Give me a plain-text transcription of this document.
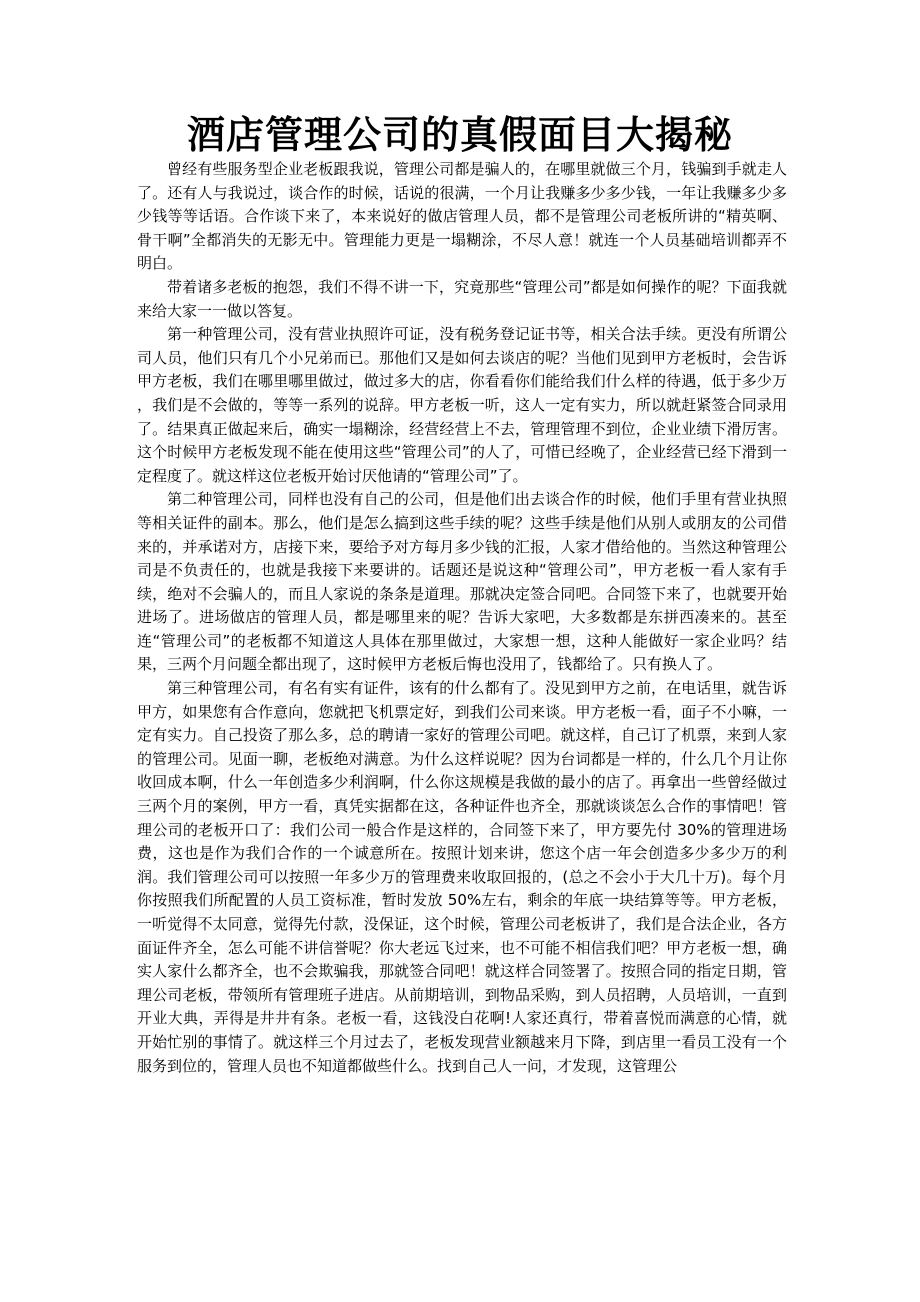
酒店管理公司的真假面目大揭秘

曾经有些服务型企业老板跟我说，管理公司都是骗人的，在哪里就做三个月，钱骗到手就走人了。还有人与我说过，谈合作的时候，话说的很满，一个月让我赚多少多少钱，一年让我赚多少多少钱等等话语。合作谈下来了，本来说好的做店管理人员，都不是管理公司老板所讲的“精英啊、骨干啊”全都消失的无影无中。管理能力更是一塌糊涂，不尽人意！就连一个人员基础培训都弄不明白。

带着诸多老板的抱怨，我们不得不讲一下，究竟那些“管理公司”都是如何操作的呢？下面我就来给大家一一做以答复。

第一种管理公司，没有营业执照许可证，没有税务登记证书等，相关合法手续。更没有所谓公司人员，他们只有几个小兄弟而已。那他们又是如何去谈店的呢？当他们见到甲方老板时，会告诉甲方老板，我们在哪里哪里做过，做过多大的店，你看看你们能给我们什么样的待遇，低于多少万 ，我们是不会做的，等等一系列的说辞。甲方老板一听，这人一定有实力，所以就赶紧签合同录用了。结果真正做起来后，确实一塌糊涂，经营经营上不去，管理管理不到位，企业业绩下滑厉害。这个时候甲方老板发现不能在使用这些“管理公司”的人了，可惜已经晚了，企业经营已经下滑到一定程度了。就这样这位老板开始讨厌他请的“管理公司”了。

第二种管理公司，同样也没有自己的公司，但是他们出去谈合作的时候，他们手里有营业执照等相关证件的副本。那么，他们是怎么搞到这些手续的呢？这些手续是他们从别人或朋友的公司借来的，并承诺对方，店接下来，要给予对方每月多少钱的汇报，人家才借给他的。当然这种管理公司是不负责任的，也就是我接下来要讲的。话题还是说这种“管理公司”，甲方老板一看人家有手续，绝对不会骗人的，而且人家说的条条是道理。那就决定签合同吧。合同签下来了，也就要开始进场了。进场做店的管理人员，都是哪里来的呢？告诉大家吧，大多数都是东拼西凑来的。甚至连“管理公司”的老板都不知道这人具体在那里做过，大家想一想，这种人能做好一家企业吗？结果，三两个月问题全都出现了，这时候甲方老板后悔也没用了，钱都给了。只有换人了。

第三种管理公司，有名有实有证件，该有的什么都有了。没见到甲方之前，在电话里，就告诉甲方，如果您有合作意向，您就把飞机票定好，到我们公司来谈。甲方老板一看，面子不小嘛，一定有实力。自己投资了那么多，总的聘请一家好的管理公司吧。就这样，自己订了机票，来到人家的管理公司。见面一聊，老板绝对满意。为什么这样说呢？因为台词都是一样的，什么几个月让你收回成本啊，什么一年创造多少利润啊，什么你这规模是我做的最小的店了。再拿出一些曾经做过三两个月的案例，甲方一看，真凭实据都在这，各种证件也齐全，那就谈谈怎么合作的事情吧！管理公司的老板开口了：我们公司一般合作是这样的，合同签下来了，甲方要先付 30%的管理进场费，这也是作为我们合作的一个诚意所在。按照计划来讲，您这个店一年会创造多少多少万的利润。我们管理公司可以按照一年多少万的管理费来收取回报的，(总之不会小于大几十万)。每个月你按照我们所配置的人员工资标准，暂时发放 50%左右，剩余的年底一块结算等等。甲方老板，一听觉得不太同意，觉得先付款，没保证，这个时候，管理公司老板讲了，我们是合法企业，各方面证件齐全，怎么可能不讲信誉呢？你大老远飞过来，也不可能不相信我们吧？甲方老板一想，确实人家什么都齐全，也不会欺骗我，那就签合同吧！就这样合同签署了。按照合同的指定日期，管理公司老板，带领所有管理班子进店。从前期培训，到物品采购，到人员招聘，人员培训，一直到开业大典，弄得是井井有条。老板一看，这钱没白花啊!人家还真行，带着喜悦而满意的心情，就开始忙别的事情了。就这样三个月过去了，老板发现营业额越来月下降，到店里一看员工没有一个服务到位的，管理人员也不知道都做些什么。找到自己人一问，才发现，这管理公
